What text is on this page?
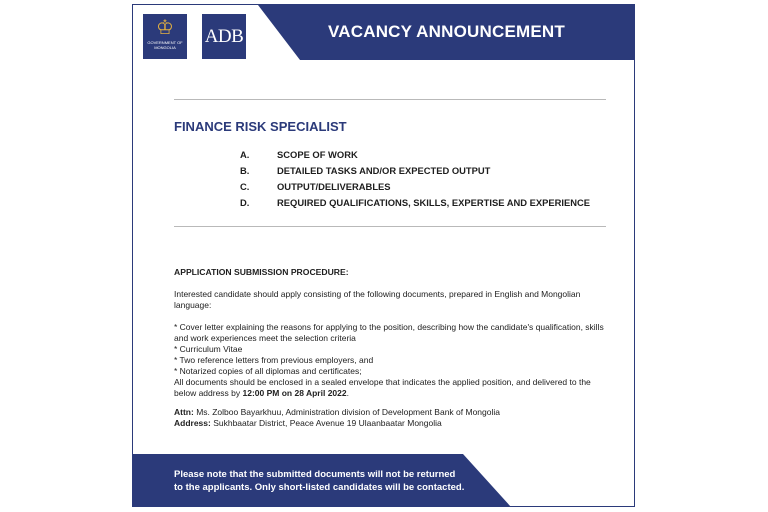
VACANCY ANNOUNCEMENT
♔
GOVERNMENT OF MONGOLIA
ADB
FINANCE RISK SPECIALIST
A.	SCOPE OF WORK
B.	DETAILED TASKS AND/OR EXPECTED OUTPUT
C.	OUTPUT/DELIVERABLES
D.	REQUIRED QUALIFICATIONS, SKILLS, EXPERTISE AND EXPERIENCE
APPLICATION SUBMISSION PROCEDURE:
Interested candidate should apply consisting of the following documents, prepared in English and Mongolian language:
* Cover letter explaining the reasons for applying to the position, describing how the candidate's qualification, skills and work experiences meet the selection criteria
* Curriculum Vitae
* Two reference letters from previous employers, and
* Notarized copies of all diplomas and certificates;
All documents should be enclosed in a sealed envelope that indicates the applied position, and delivered to the below address by 12:00 PM on 28 April 2022.
Attn: Ms. Zolboo Bayarkhuu, Administration division of Development Bank of Mongolia
Address: Sukhbaatar District, Peace Avenue 19 Ulaanbaatar Mongolia
Please note that the submitted documents will not be returned
to the applicants. Only short-listed candidates will be contacted.
